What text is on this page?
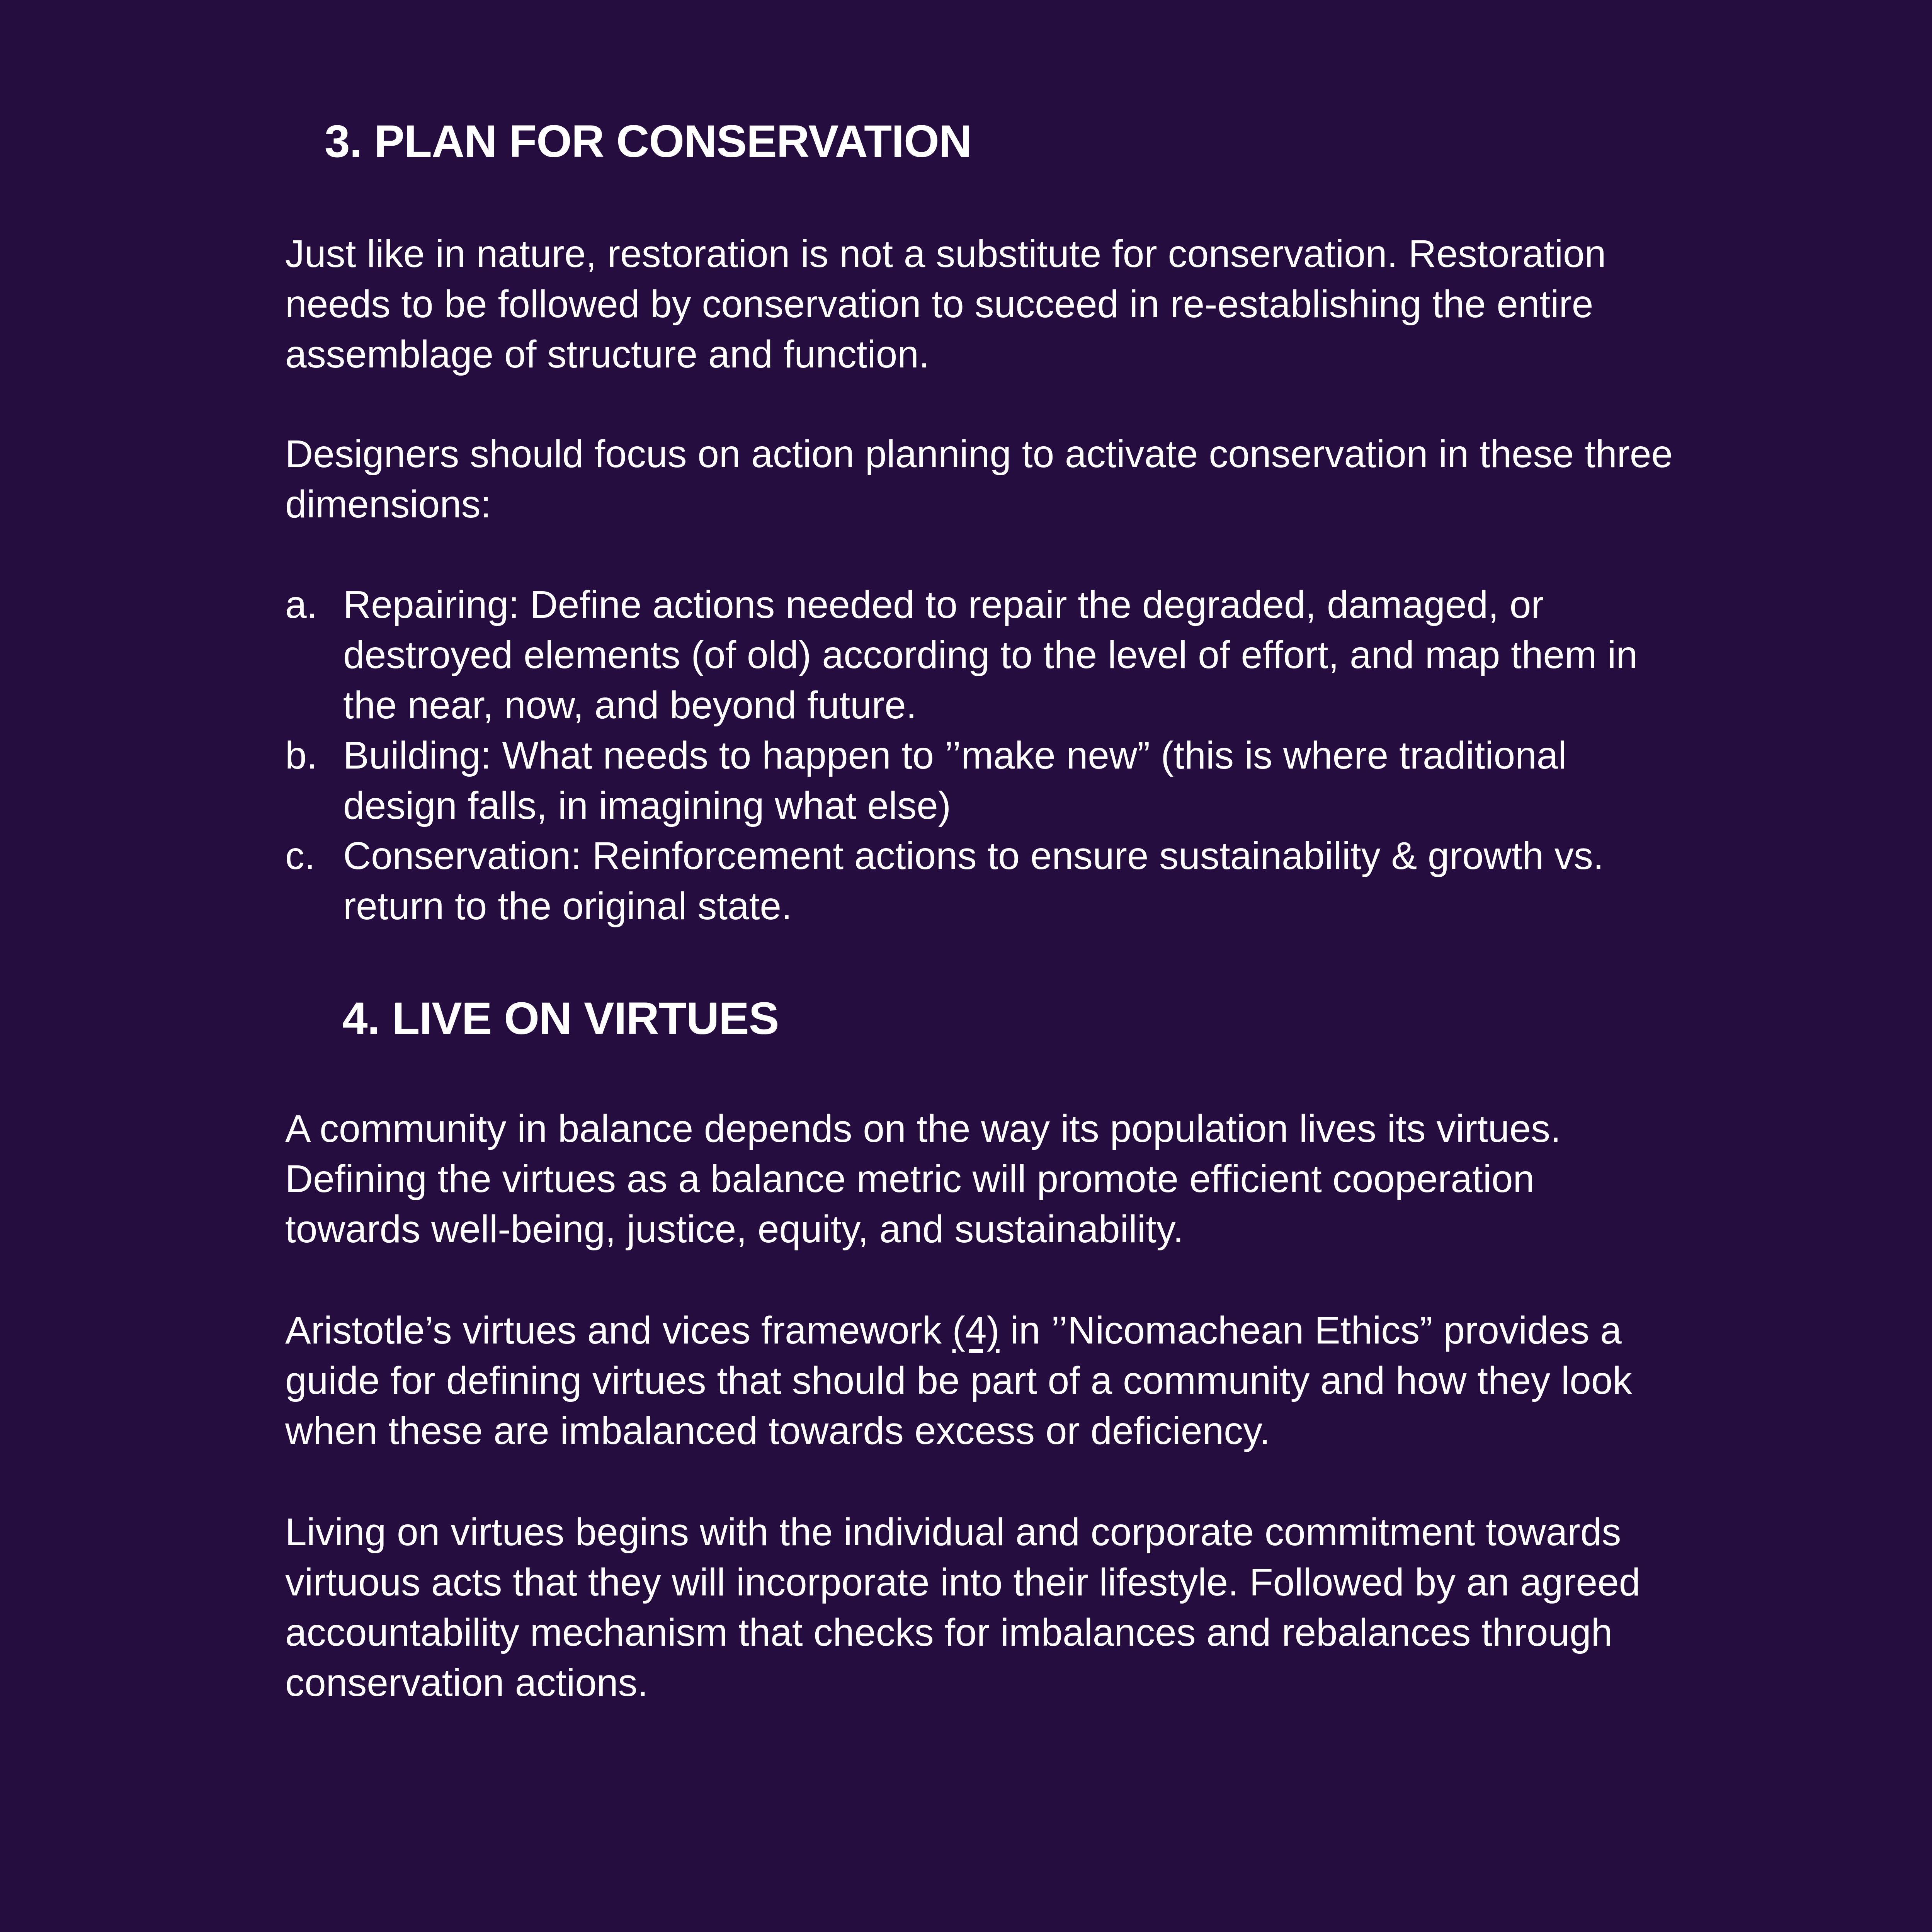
3. PLAN FOR CONSERVATION
Just like in nature, restoration is not a substitute for conservation. Restoration
needs to be followed by conservation to succeed in re-establishing the entire
assemblage of structure and function.
Designers should focus on action planning to activate conservation in these three
dimensions:
a. Repairing: Define actions needed to repair the degraded, damaged, or
destroyed elements (of old) according to the level of effort, and map them in
the near, now, and beyond future.
b. Building: What needs to happen to ’’make new” (this is where traditional
design falls, in imagining what else)
c. Conservation: Reinforcement actions to ensure sustainability & growth vs.
return to the original state.
4. LIVE ON VIRTUES
A community in balance depends on the way its population lives its virtues.
Defining the virtues as a balance metric will promote efficient cooperation
towards well-being, justice, equity, and sustainability.
Aristotle’s virtues and vices framework (4) in ’’Nicomachean Ethics” provides a
guide for defining virtues that should be part of a community and how they look
when these are imbalanced towards excess or deficiency.
Living on virtues begins with the individual and corporate commitment towards
virtuous acts that they will incorporate into their lifestyle. Followed by an agreed
accountability mechanism that checks for imbalances and rebalances through
conservation actions.
